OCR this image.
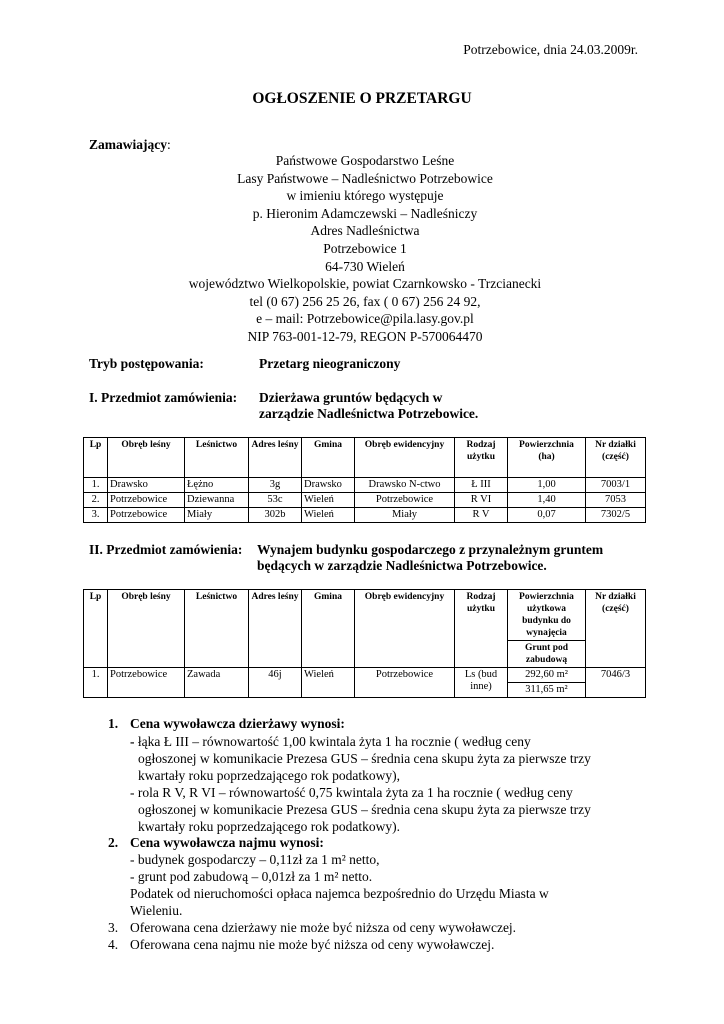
Potrzebowice, dnia 24.03.2009r.
OGŁOSZENIE O PRZETARGU
Zamawiający:
Państwowe Gospodarstwo Leśne
Lasy Państwowe – Nadleśnictwo Potrzebowice
w imieniu którego występuje
p. Hieronim Adamczewski – Nadleśniczy
Adres Nadleśnictwa
Potrzebowice 1
64-730 Wieleń
województwo Wielkopolskie, powiat Czarnkowsko - Trzcianecki
tel (0 67) 256 25 26, fax ( 0 67) 256 24 92,
e – mail: Potrzebowice@pila.lasy.gov.pl
NIP 763-001-12-79, REGON P-570064470
Tryb postępowania:	Przetarg nieograniczony
I. Przedmiot zamówienia: Dzierżawa gruntów będących w
zarządzie Nadleśnictwa Potrzebowice.
Lp	Obręb leśny	Leśnictwo	Adres leśny	Gmina	Obręb ewidencyjny	Rodzaj użytku	Powierzchnia (ha)	Nr działki (część)
1.	Drawsko	Łężno	3g	Drawsko	Drawsko N-ctwo	Ł III	1,00	7003/1
2.	Potrzebowice	Dziewanna	53c	Wieleń	Potrzebowice	R VI	1,40	7053
3.	Potrzebowice	Miały	302b	Wieleń	Miały	R V	0,07	7302/5
II. Przedmiot zamówienia: Wynajem budynku gospodarczego z przynależnym gruntem
będących w zarządzie Nadleśnictwa Potrzebowice.
Lp	Obręb leśny	Leśnictwo	Adres leśny	Gmina	Obręb ewidencyjny	Rodzaj użytku	Powierzchnia użytkowa budynku do wynajęcia	Nr działki (część)
							Grunt pod zabudową	
1.	Potrzebowice	Zawada	46j	Wieleń	Potrzebowice	Ls (bud inne)	292,60 m²	7046/3
							311,65 m²	
1. Cena wywoławcza dzierżawy wynosi:
- łąka Ł III – równowartość 1,00 kwintala żyta 1 ha rocznie ( według ceny
ogłoszonej w komunikacie Prezesa GUS – średnia cena skupu żyta za pierwsze trzy
kwartały roku poprzedzającego rok podatkowy),
- rola R V, R VI – równowartość 0,75 kwintala żyta za 1 ha rocznie ( według ceny
ogłoszonej w komunikacie Prezesa GUS – średnia cena skupu żyta za pierwsze trzy
kwartały roku poprzedzającego rok podatkowy).
2. Cena wywoławcza najmu wynosi:
- budynek gospodarczy – 0,11zł za 1 m² netto,
- grunt pod zabudową – 0,01zł za 1 m² netto.
Podatek od nieruchomości opłaca najemca bezpośrednio do Urzędu Miasta w
Wieleniu.
3. Oferowana cena dzierżawy nie może być niższa od ceny wywoławczej.
4. Oferowana cena najmu nie może być niższa od ceny wywoławczej.
